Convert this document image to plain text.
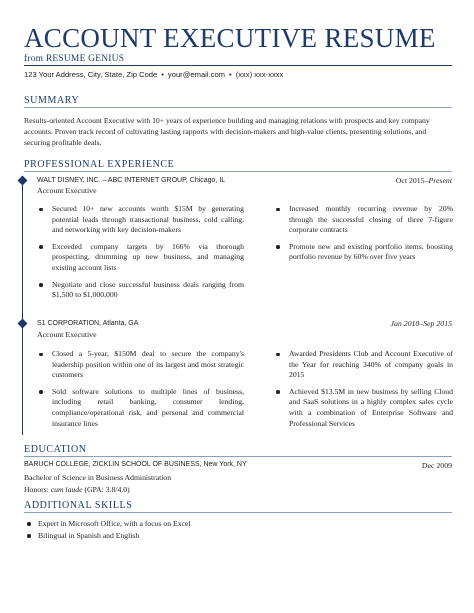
ACCOUNT EXECUTIVE RESUME
from RESUME GENIUS
123 Your Address, City, State, Zip Code • your@email.com • (xxx) xxx-xxxx
SUMMARY
Results-oriented Account Executive with 10+ years of experience building and managing relations with prospects and key company accounts. Proven track record of cultivating lasting rapports with decision-makers and high-value clients, presenting solutions, and securing profitable deals.
PROFESSIONAL EXPERIENCE
WALT DISNEY, INC. – ABC INTERNET GROUP, Chicago, IL	Oct 2015–Present
Account Executive
Secured 10+ new accounts worth $15M by generating potential leads through transactional business, cold calling, and networking with key decision-makers
Exceeded company targets by 166% via thorough prospecting, drumming up new business, and managing existing account lists
Negotiate and close successful business deals ranging from $1,500 to $1,000,000
Increased monthly recurring revenue by 20% through the successful closing of three 7-figure corporate contracts
Promote new and existing portfolio items, boosting portfolio revenue by 60% over five years
S1 CORPORATION, Atlanta, GA	Jan 2010–Sep 2015
Account Executive
Closed a 5-year, $150M deal to secure the company's leadership position within one of its largest and most strategic customers
Sold software solutions to multiple lines of business, including retail banking, consumer lending, compliance/operational risk, and personal and commercial insurance lines
Awarded Presidents Club and Account Executive of the Year for reaching 340% of company goals in 2015
Achieved $13.5M in new business by selling Cloud and SaaS solutions in a highly complex sales cycle with a combination of Enterprise Software and Professional Services
EDUCATION
BARUCH COLLEGE, ZICKLIN SCHOOL OF BUSINESS, New York, NY	Dec 2009
Bachelor of Science in Business Administration
Honors: cum laude (GPA: 3.8/4.0)
ADDITIONAL SKILLS
Expert in Microsoft Office, with a focus on Excel
Bilingual in Spanish and English
